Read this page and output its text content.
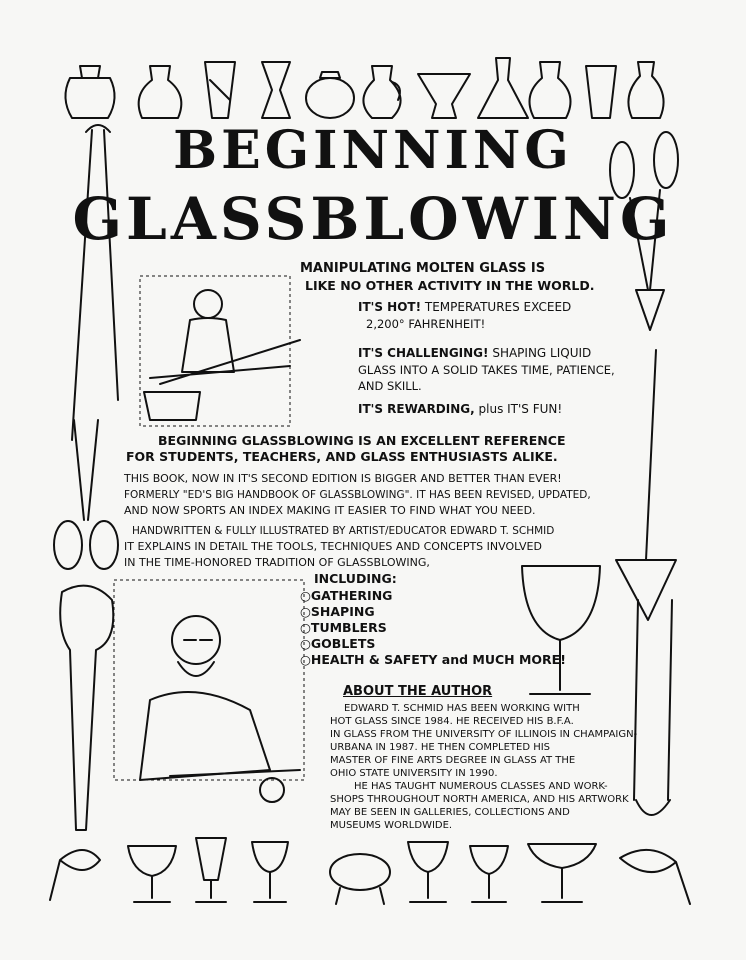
BEGINNING
GLASSBLOWING
MANIPULATING MOLTEN GLASS IS
LIKE NO OTHER ACTIVITY IN THE WORLD.
IT'S HOT! TEMPERATURES EXCEED
2,200° FAHRENHEIT!
IT'S CHALLENGING! SHAPING LIQUID
GLASS INTO A SOLID TAKES TIME, PATIENCE,
AND SKILL.
IT'S REWARDING, plus IT'S FUN!
BEGINNING GLASSBLOWING IS AN EXCELLENT REFERENCE
FOR STUDENTS, TEACHERS, AND GLASS ENTHUSIASTS ALIKE.
THIS BOOK, NOW IN IT'S SECOND EDITION IS BIGGER AND BETTER THAN EVER!
FORMERLY "ED'S BIG HANDBOOK OF GLASSBLOWING". IT HAS BEEN REVISED, UPDATED,
AND NOW SPORTS AN INDEX MAKING IT EASIER TO FIND WHAT YOU NEED.
HANDWRITTEN & FULLY ILLUSTRATED BY ARTIST/EDUCATOR EDWARD T. SCHMID
IT EXPLAINS IN DETAIL THE TOOLS, TECHNIQUES AND CONCEPTS INVOLVED
IN THE TIME-HONORED TRADITION OF GLASSBLOWING,
INCLUDING:
○ GATHERING
○ SHAPING
○ TUMBLERS
○ GOBLETS
○ HEALTH & SAFETY and MUCH MORE!
ABOUT THE AUTHOR
EDWARD T. SCHMID HAS BEEN WORKING WITH
HOT GLASS SINCE 1984. HE RECEIVED HIS B.F.A.
IN GLASS FROM THE UNIVERSITY OF ILLINOIS IN CHAMPAIGN-
URBANA IN 1987. HE THEN COMPLETED HIS
MASTER OF FINE ARTS DEGREE IN GLASS AT THE
OHIO STATE UNIVERSITY IN 1990.
HE HAS TAUGHT NUMEROUS CLASSES AND WORK-
SHOPS THROUGHOUT NORTH AMERICA, AND HIS ARTWORK
MAY BE SEEN IN GALLERIES, COLLECTIONS AND
MUSEUMS WORLDWIDE.
